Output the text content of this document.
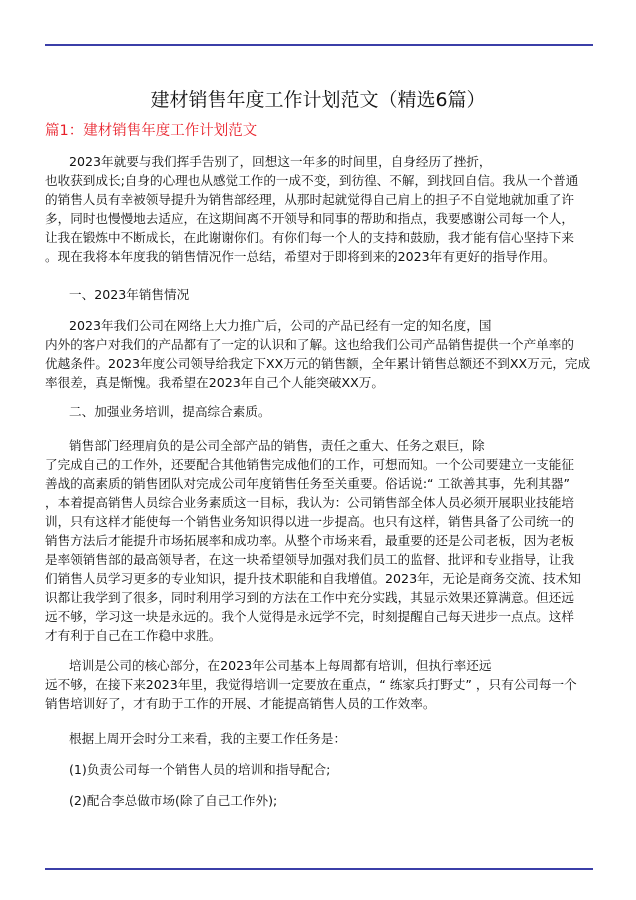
建材销售年度工作计划范文（精选6篇）
篇1：建材销售年度工作计划范文
2023年就要与我们挥手告别了，回想这一年多的时间里，自身经历了挫折，
也收获到成长;自身的心理也从感觉工作的一成不变，到彷徨、不解，到找回自信。我从一个普通
的销售人员有幸被领导提升为销售部经理，从那时起就觉得自己肩上的担子不自觉地就加重了许
多，同时也慢慢地去适应，在这期间离不开领导和同事的帮助和指点，我要感谢公司每一个人，
让我在锻炼中不断成长，在此谢谢你们。有你们每一个人的支持和鼓励，我才能有信心坚持下来
。现在我将本年度我的销售情况作一总结，希望对于即将到来的2023年有更好的指导作用。
一、2023年销售情况
2023年我们公司在网络上大力推广后，公司的产品已经有一定的知名度，国
内外的客户对我们的产品都有了一定的认识和了解。这也给我们公司产品销售提供一个产单率的
优越条件。2023年度公司领导给我定下XX万元的销售额，全年累计销售总额还不到XX万元，完成
率很差，真是惭愧。我希望在2023年自己个人能突破XX万。
二、加强业务培训，提高综合素质。
销售部门经理肩负的是公司全部产品的销售，责任之重大、任务之艰巨，除
了完成自己的工作外，还要配合其他销售完成他们的工作，可想而知。一个公司要建立一支能征
善战的高素质的销售团队对完成公司年度销售任务至关重要。俗话说:“ 工欲善其事，先利其器”
，本着提高销售人员综合业务素质这一目标，我认为：公司销售部全体人员必须开展职业技能培
训，只有这样才能使每一个销售业务知识得以进一步提高。也只有这样，销售具备了公司统一的
销售方法后才能提升市场拓展率和成功率。从整个市场来看，最重要的还是公司老板，因为老板
是率领销售部的最高领导者，在这一块希望领导加强对我们员工的监督、批评和专业指导，让我
们销售人员学习更多的专业知识，提升技术职能和自我增值。2023年，无论是商务交流、技术知
识都让我学到了很多，同时利用学习到的方法在工作中充分实践，其显示效果还算满意。但还远
远不够，学习这一块是永远的。我个人觉得是永远学不完，时刻提醒自己每天进步一点点。这样
才有利于自己在工作稳中求胜。
培训是公司的核心部分，在2023年公司基本上每周都有培训，但执行率还远
远不够，在接下来2023年里，我觉得培训一定要放在重点，“ 练家兵打野丈” ，只有公司每一个
销售培训好了，才有助于工作的开展、才能提高销售人员的工作效率。
根据上周开会时分工来看，我的主要工作任务是：
(1)负责公司每一个销售人员的培训和指导配合;
(2)配合李总做市场(除了自己工作外);
